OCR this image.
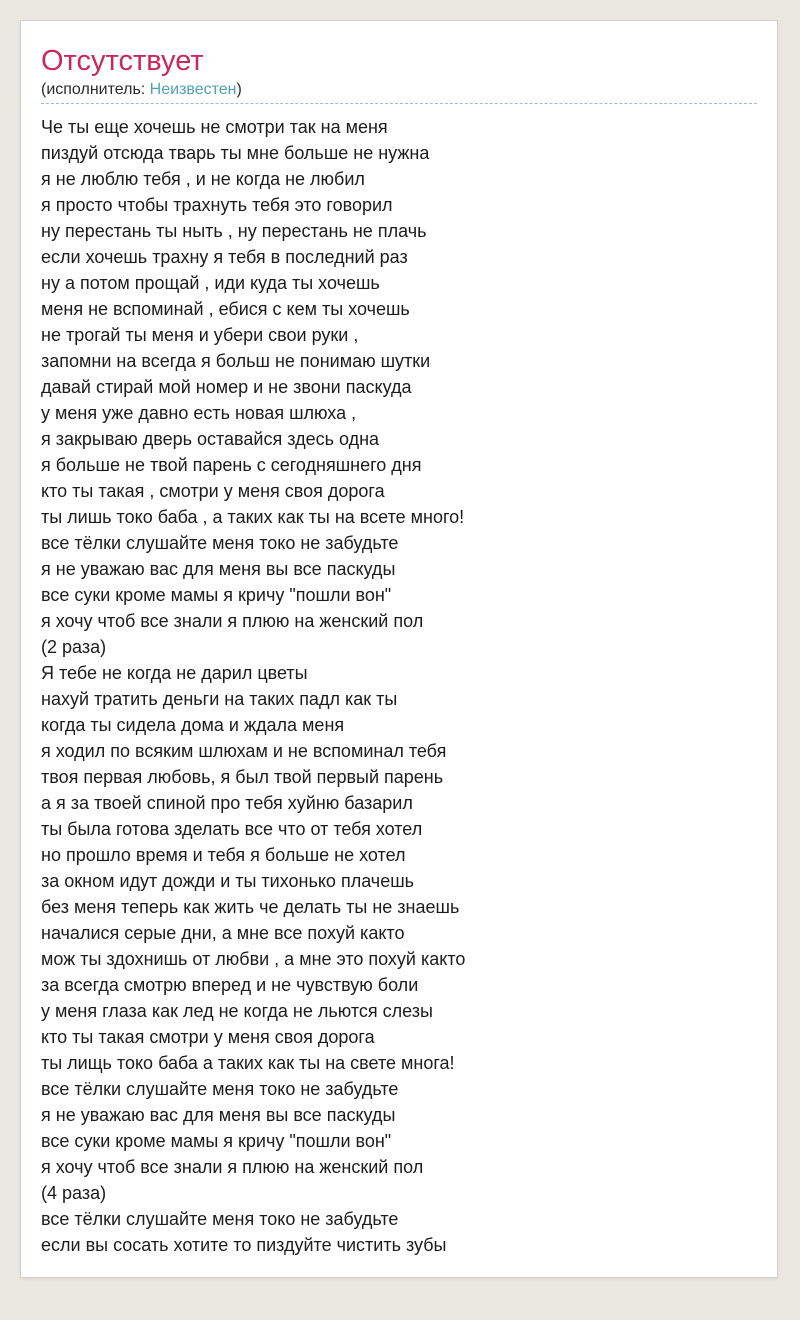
Отсутствует

(исполнитель: Неизвестен)

Че ты еще хочешь не смотри так на меня
пиздуй отсюда тварь ты мне больше не нужна
я не люблю тебя , и не когда не любил
я просто чтобы трахнуть тебя это говорил
ну перестань ты ныть , ну перестань не плачь
если хочешь трахну я тебя в последний раз
ну а потом прощай , иди куда ты хочешь
меня не вспоминай , ебися с кем ты хочешь
не трогай ты меня и убери свои руки ,
запомни на всегда я больш не понимаю шутки
давай стирай мой номер и не звони паскуда
у меня уже давно есть новая шлюха ,
я закрываю дверь оставайся здесь одна
я больше не твой парень с сегодняшнего дня
кто ты такая , смотри у меня своя дорога
ты лишь токо баба , а таких как ты на всете много!
все тёлки слушайте меня токо не забудьте
я не уважаю вас для меня вы все паскуды
все суки кроме мамы я кричу "пошли вон"
я хочу чтоб все знали я плюю на женский пол
(2 раза)
Я тебе не когда не дарил цветы
нахуй тратить деньги на таких падл как ты
когда ты сидела дома и ждала меня
я ходил по всяким шлюхам и не вспоминал тебя
твоя первая любовь, я был твой первый парень
а я за твоей спиной про тебя хуйню базарил
ты была готова зделать все что от тебя хотел
но прошло время и тебя я больше не хотел
за окном идут дожди и ты тихонько плачешь
без меня теперь как жить че делать ты не знаешь
началися серые дни, а мне все похуй както
мож ты здохнишь от любви , а мне это похуй както
за всегда смотрю вперед и не чувствую боли
у меня глаза как лед не когда не льются слезы
кто ты такая смотри у меня своя дорога
ты лищь токо баба а таких как ты на свете многа!
все тёлки слушайте меня токо не забудьте
я не уважаю вас для меня вы все паскуды
все суки кроме мамы я кричу "пошли вон"
я хочу чтоб все знали я плюю на женский пол
(4 раза)
все тёлки слушайте меня токо не забудьте
если вы сосать хотите то пиздуйте чистить зубы
